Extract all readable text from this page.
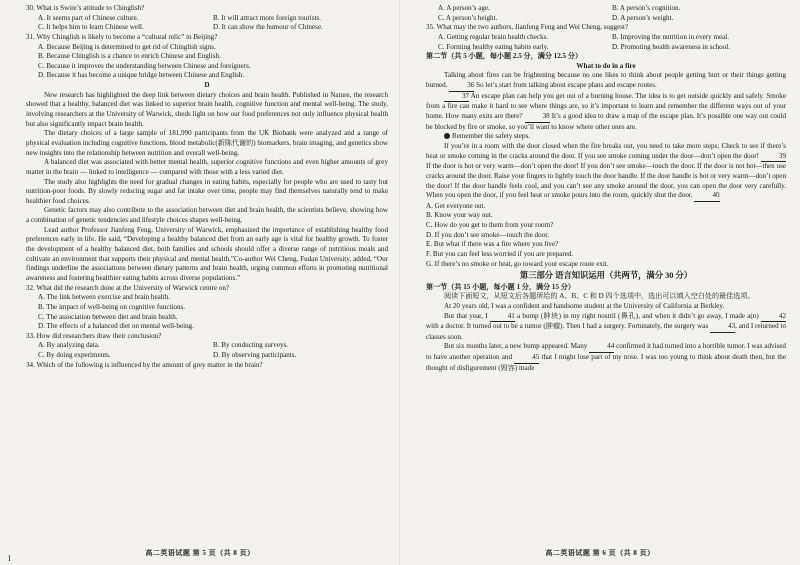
30. What is Swire’s attitude to Chinglish?

A. It seems part of Chinese culture.	B. It will attract more foreign tourists.
C. It helps him to learn Chinese well.	D. It can show the humour of Chinese.

31. Why Chinglish is likely to become a “cultural relic” in Beijing?

A. Because Beijing is determined to get rid of Chinglish signs.
B. Because Chinglish is a chance to enrich Chinese and English.
C. Because it improves the understanding between Chinese and foreigners.
D. Because it has become a unique bridge between Chinese and English.
D

New research has highlighted the deep link between dietary choices and brain health. Published in Nature, the research showed that a healthy, balanced diet was linked to superior brain health, cognitive function and mental well-being. The study, involving researchers at the University of Warwick, sheds light on how our food preferences not only influence physical health but also significantly impact brain health.

The dietary choices of a large sample of 181,990 participants from the UK Biobank were analyzed and a range of physical evaluation including cognitive functions, blood metabolic(新陈代谢的) biomarkers, brain imaging, and genetics show new insights into the relationship between nutrition and overall well-being.

A balanced diet was associated with better mental health, superior cognitive functions and even higher amounts of grey matter in the brain — linked to intelligence — compared with those with a less varied diet.

The study also highlights the need for gradual changes in eating habits, especially for people who are used to tasty but nutrition-poor foods. By slowly reducing sugar and fat intake over time, people may find themselves naturally tend to make healthier food choices.

Genetic factors may also contribute to the association between diet and brain health, the scientists believe, showing how a combination of genetic tendencies and lifestyle choices shapes well-being.

Lead author Professor Jianfeng Feng, University of Warwick, emphasized the importance of establishing healthy food preferences early in life. He said, “Developing a healthy balanced diet from an early age is vital for healthy growth. To foster the development of a healthy balanced diet, both families and schools should offer a diverse range of nutritious meals and cultivate an environment that supports their physical and mental health.”Co-author Wei Cheng, Fudan University, added, “Our findings underline the associations between dietary patterns and brain health, urging common efforts in promoting nutritional awareness and fostering healthier eating habits across diverse populations.”

32. What did the research done at the University of Warwick centre on?

A. The link between exercise and brain health.
B. The impact of well-being on cognitive functions.
C. The association between diet and brain health.
D. The effects of a balanced diet on mental well-being.

33. How did researchers draw their conclusion?

A. By analyzing data.	B. By conducting surveys.
C. By doing experiments.	D. By observing participants.

34. Which of the following is influenced by the amount of grey matter in the brain?

高二英语试题 第 5 页（共 8 页）
I
A. A person’s age.	B. A person’s cognition.
C. A person’s height.	D. A person’s weight.

35. What may the two authors, Jianfeng Feng and Wei Cheng, suggest?

A. Getting regular brain health checks.	B. Improving the nutrition in every meal.
C. Forming healthy eating habits early.	D. Promoting health awareness in school.
第二节（共 5 小题，每小题 2.5 分，满分 12.5 分）
What to do in a fire

Talking about fires can be frightening because no one likes to think about people getting hurt or their things getting burned.	36 So let’s start from talking about escape plans and escape routes.

37 An escape plan can help you get out of a burning house. The idea is to get outside quickly and safely. Smoke from a fire can make it hard to see where things are, so it’s important to learn and remember the different ways out of your home. How many exits are there?	38 It’s a good idea to draw a map of the escape plan. It’s possible one way out could be blocked by fire or smoke, so you’ll want to know where other ones are.

Remember the safety steps.

If you’re in a room with the door closed when the fire breaks out, you need to take more steps; Check to see if there’s heat or smoke coming in the cracks around the door. If you see smoke coming under the door—don’t open the door!	39 If the door is hot or very warm—don’t open the door! If you don’t see smoke—touch the door. If the door is not hot—then use cracks around the door. Raise your fingers to lightly touch the door handle. If the door handle is hot or very warm—don’t open the door! If the door handle feels cool, and you can’t see any smoke around the door, you can open the door very carefully. When you open the door, if you feel heat or smoke pours into the room, quickly shut the door.	40

A. Get everyone out.
B. Know your way out.
C. How do you get to them from your room?
D. If you don’t see smoke—touch the door.
E. But what if there was a fire where you live?
F. But you can feel less worried if you are prepared.
G. If there’s no smoke or heat, go toward your escape route exit.
第三部分 语言知识运用（共两节，满分 30 分）
第一节（共 15 小题，每小题 1 分，满分 15 分）

阅读下面短文，从短文后各题所给的 A、B、C 和 D 四个选项中，选出可以填入空白处的最佳选项。

At 20 years old, I was a confident and handsome student at the University of California at Berkley.

But that year, I	41 a bump (肿块) in my right nostril (鼻孔), and when it didn’t go away, I made a(n)	42 with a doctor. It turned out to be a tumor (肿瘤). Then I had a surgery. Fortunately, the surgery was	43, and I returned to classes soon.

But six months later, a new bump appeared. Many	44 confirmed it had turned into a horrible tumor. I was advised to have another operation and	45 that I might lose part of my nose. I was too young to think about death then, but the thought of disfigurement (毁容) made

高二英语试题 第 6 页（共 8 页）
